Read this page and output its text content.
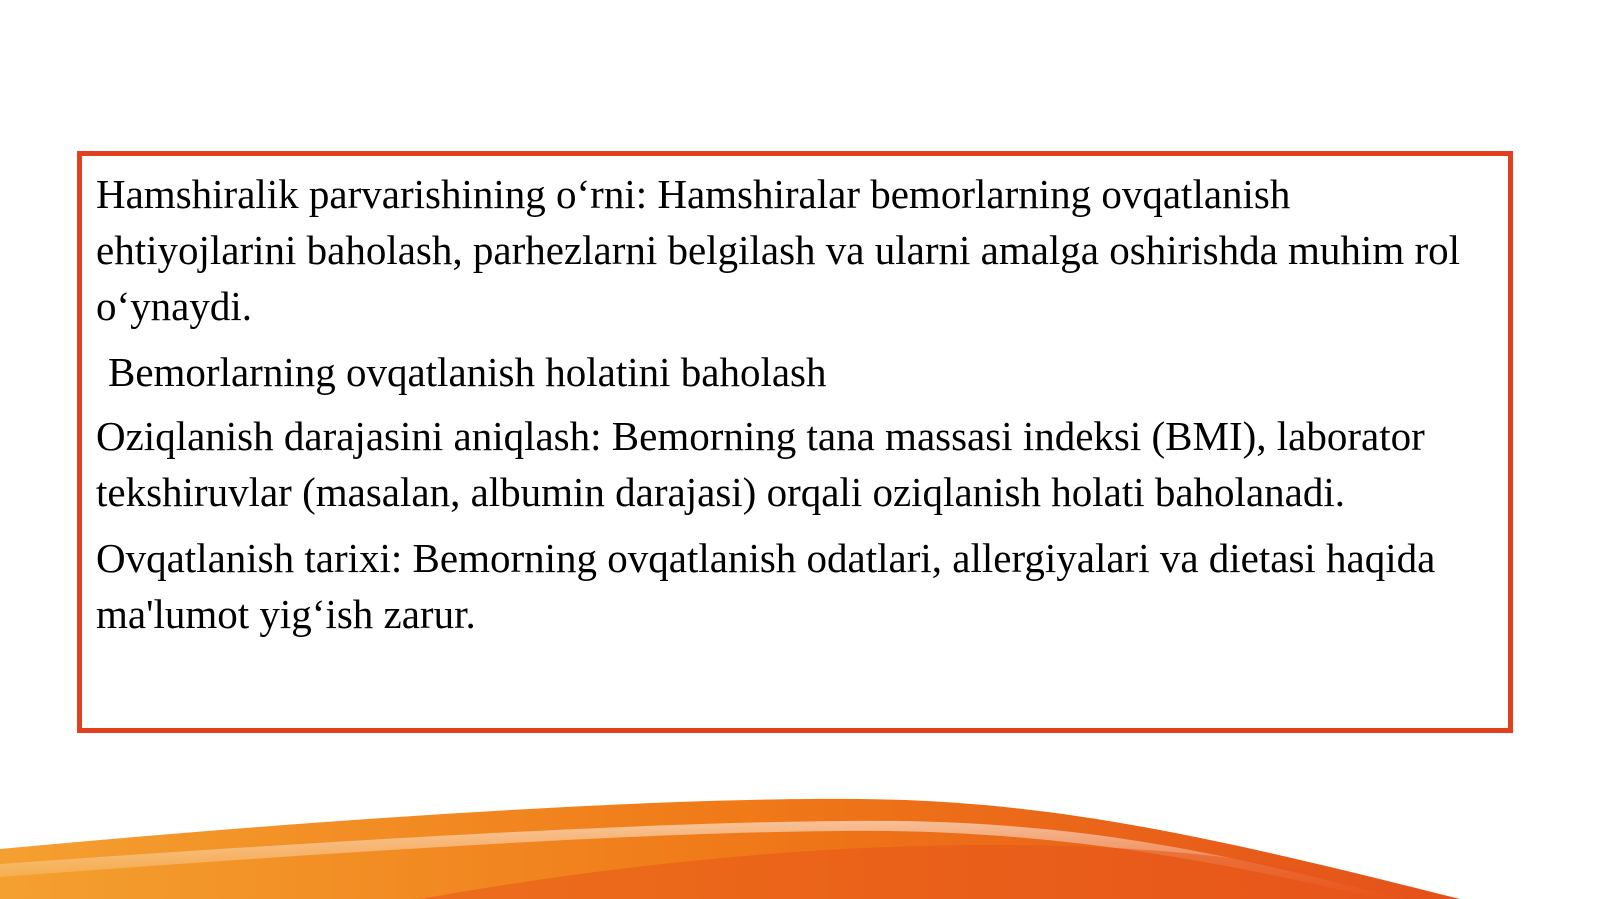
Hamshiralik parvarishining o‘rni: Hamshiralar bemorlarning ovqatlanish ehtiyojlarini baholash, parhezlarni belgilash va ularni amalga oshirishda muhim rol o‘ynaydi.

Bemorlarning ovqatlanish holatini baholash

Oziqlanish darajasini aniqlash: Bemorning tana massasi indeksi (BMI), laborator tekshiruvlar (masalan, albumin darajasi) orqali oziqlanish holati baholanadi.

Ovqatlanish tarixi: Bemorning ovqatlanish odatlari, allergiyalari va dietasi haqida ma'lumot yig‘ish zarur.
